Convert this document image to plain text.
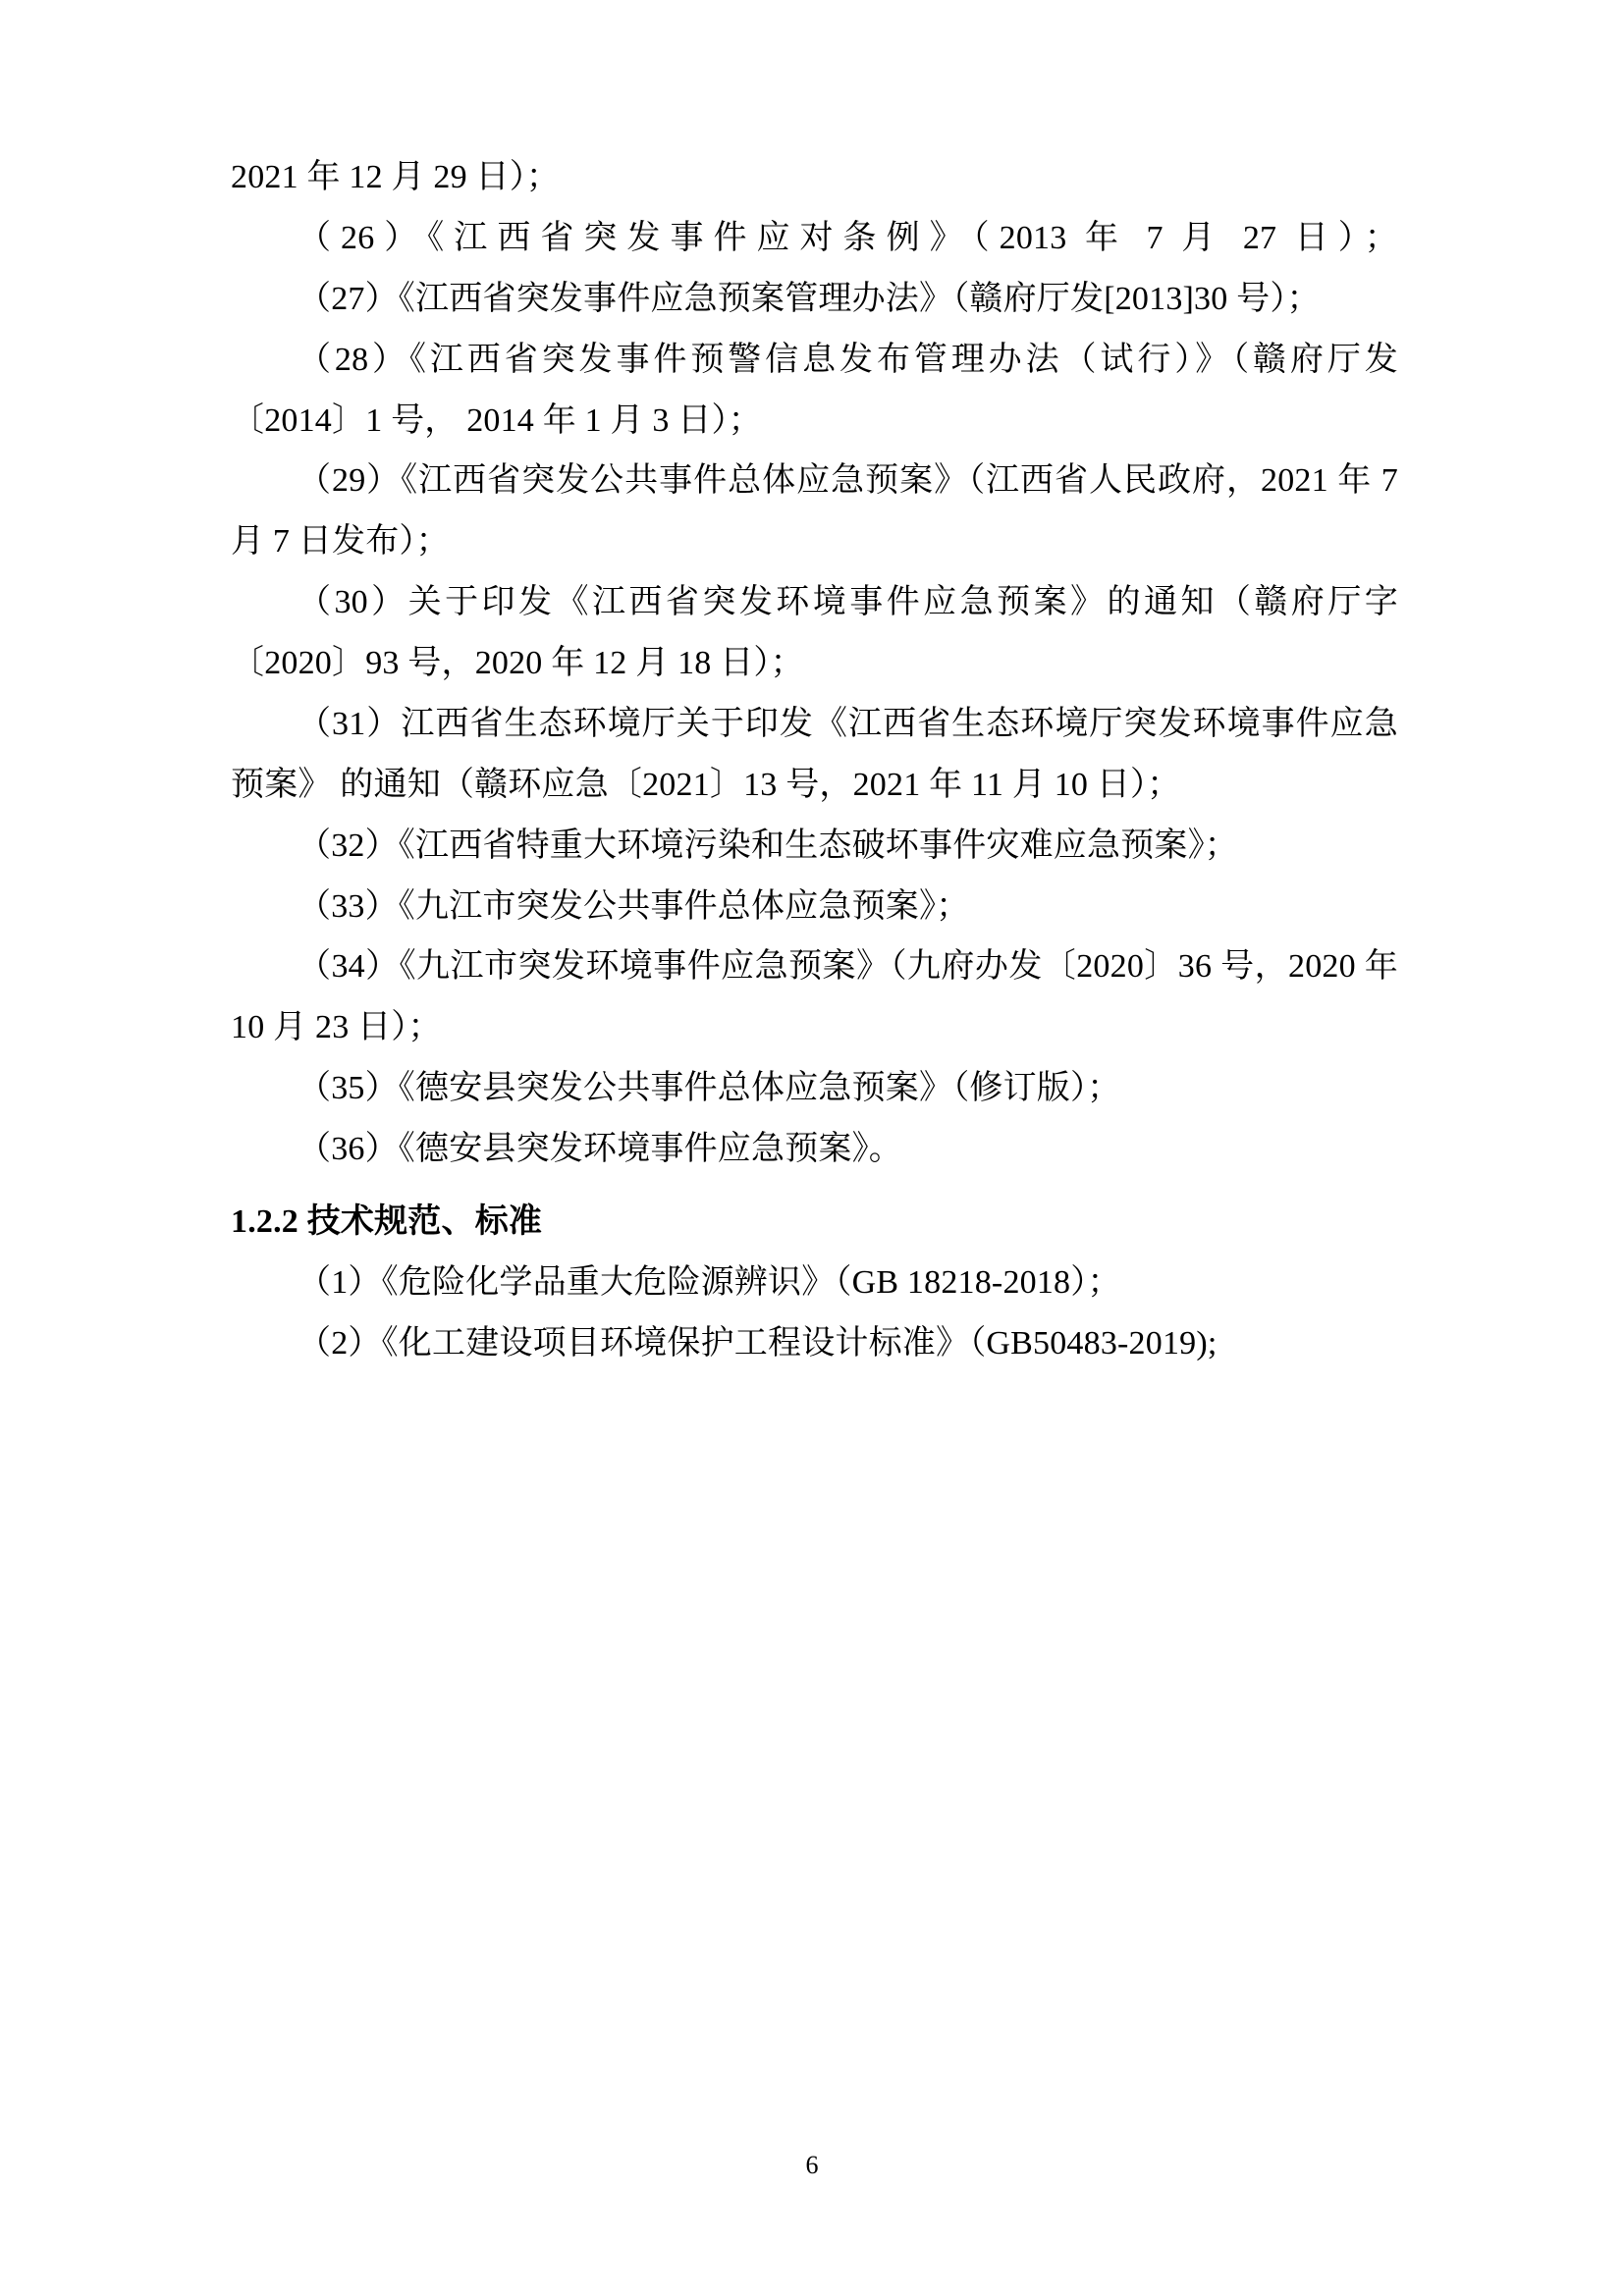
2021 年 12 月 29 日）；

（26）《江西省突发事件应对条例》（2013 年 7 月 27 日）；

（27）《江西省突发事件应急预案管理办法》（赣府厅发[2013]30 号）；

（28）《江西省突发事件预警信息发布管理办法（试行）》（赣府厅发〔2014〕1 号， 2014 年 1 月 3 日）；

（29）《江西省突发公共事件总体应急预案》（江西省人民政府，2021 年 7 月 7 日发布）；

（30）关于印发《江西省突发环境事件应急预案》的通知（赣府厅字〔2020〕93 号，2020 年 12 月 18 日）；

（31）江西省生态环境厅关于印发《江西省生态环境厅突发环境事件应急预案》 的通知（赣环应急〔2021〕13 号，2021 年 11 月 10 日）；

（32）《江西省特重大环境污染和生态破坏事件灾难应急预案》；

（33）《九江市突发公共事件总体应急预案》；

（34）《九江市突发环境事件应急预案》（九府办发〔2020〕36 号，2020 年 10 月 23 日）；

（35）《德安县突发公共事件总体应急预案》（修订版）；

（36）《德安县突发环境事件应急预案》。

1.2.2 技术规范、标准

（1）《危险化学品重大危险源辨识》（GB 18218-2018）；

（2）《化工建设项目环境保护工程设计标准》（GB50483-2019);

6
